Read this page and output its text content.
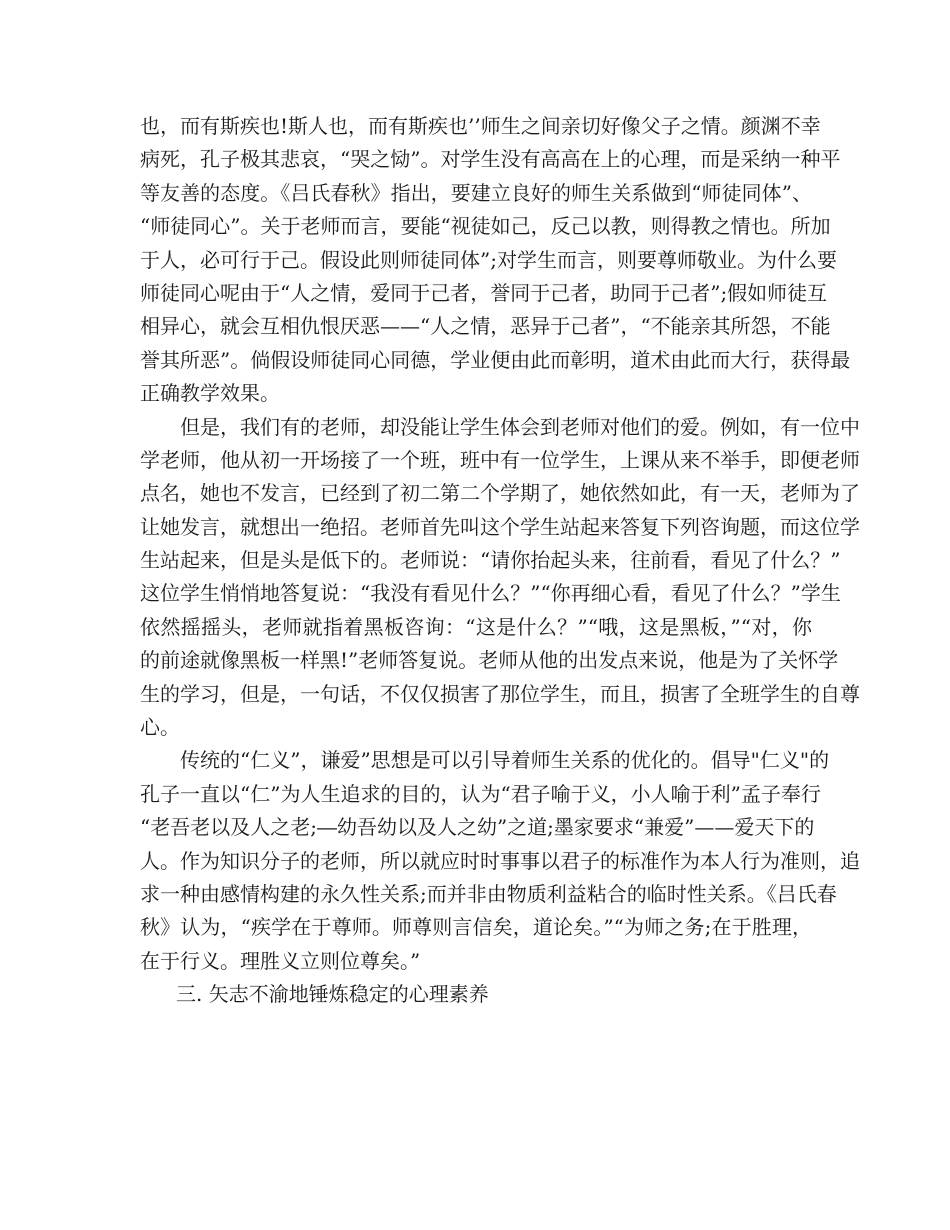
也，而有斯疾也!斯人也，而有斯疾也’’师生之间亲切好像父子之情。颜渊不幸
病死，孔子极其悲哀，“哭之恸”。对学生没有高高在上的心理，而是采纳一种平
等友善的态度。《吕氏春秋》指出，要建立良好的师生关系做到“师徒同体”、
“师徒同心”。关于老师而言，要能“视徒如己，反己以教，则得教之情也。所加
于人，必可行于己。假设此则师徒同体”;对学生而言，则要尊师敬业。为什么要
师徒同心呢由于“人之情，爱同于己者，誉同于己者，助同于己者”;假如师徒互
相异心，就会互相仇恨厌恶——“人之情，恶异于己者”，“不能亲其所怨，不能
誉其所恶”。倘假设师徒同心同德，学业便由此而彰明，道术由此而大行，获得最
正确教学效果。
但是，我们有的老师，却没能让学生体会到老师对他们的爱。例如，有一位中
学老师，他从初一开场接了一个班，班中有一位学生，上课从来不举手，即便老师
点名，她也不发言，已经到了初二第二个学期了，她依然如此，有一天，老师为了
让她发言，就想出一绝招。老师首先叫这个学生站起来答复下列咨询题，而这位学
生站起来，但是头是低下的。老师说：“请你抬起头来，往前看，看见了什么？”
这位学生悄悄地答复说：“我没有看见什么？”“你再细心看，看见了什么？”学生
依然摇摇头，老师就指着黑板咨询：“这是什么？”“哦，这是黑板，”“对，你
的前途就像黑板一样黑!”老师答复说。老师从他的出发点来说，他是为了关怀学
生的学习，但是，一句话，不仅仅损害了那位学生，而且，损害了全班学生的自尊
心。
传统的“仁义”，谦爱”思想是可以引导着师生关系的优化的。倡导"仁义"的
孔子一直以“仁”为人生追求的目的，认为“君子喻于义，小人喻于利”孟子奉行
“老吾老以及人之老;―幼吾幼以及人之幼”之道;墨家要求“兼爱”——爱天下的
人。作为知识分子的老师，所以就应时时事事以君子的标准作为本人行为准则，追
求一种由感情构建的永久性关系;而并非由物质利益粘合的临时性关系。《吕氏春
秋》认为，“疾学在于尊师。师尊则言信矣，道论矣。”“为师之务;在于胜理，
在于行义。理胜义立则位尊矣。”
三. 矢志不渝地锤炼稳定的心理素养
